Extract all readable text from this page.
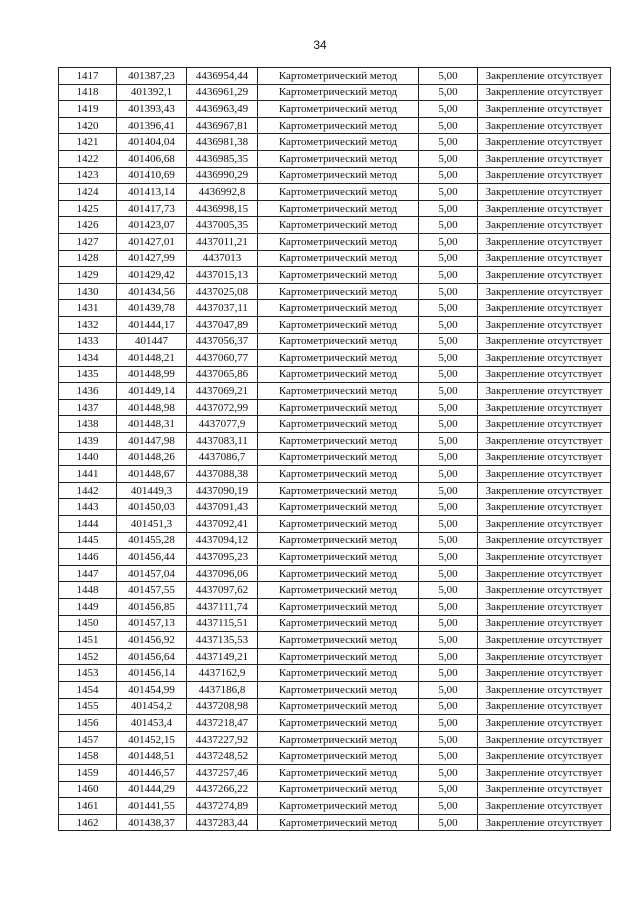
34
1417	401387,23	4436954,44	Картометрический метод	5,00	Закрепление отсутствует
1418	401392,1	4436961,29	Картометрический метод	5,00	Закрепление отсутствует
1419	401393,43	4436963,49	Картометрический метод	5,00	Закрепление отсутствует
1420	401396,41	4436967,81	Картометрический метод	5,00	Закрепление отсутствует
1421	401404,04	4436981,38	Картометрический метод	5,00	Закрепление отсутствует
1422	401406,68	4436985,35	Картометрический метод	5,00	Закрепление отсутствует
1423	401410,69	4436990,29	Картометрический метод	5,00	Закрепление отсутствует
1424	401413,14	4436992,8	Картометрический метод	5,00	Закрепление отсутствует
1425	401417,73	4436998,15	Картометрический метод	5,00	Закрепление отсутствует
1426	401423,07	4437005,35	Картометрический метод	5,00	Закрепление отсутствует
1427	401427,01	4437011,21	Картометрический метод	5,00	Закрепление отсутствует
1428	401427,99	4437013	Картометрический метод	5,00	Закрепление отсутствует
1429	401429,42	4437015,13	Картометрический метод	5,00	Закрепление отсутствует
1430	401434,56	4437025,08	Картометрический метод	5,00	Закрепление отсутствует
1431	401439,78	4437037,11	Картометрический метод	5,00	Закрепление отсутствует
1432	401444,17	4437047,89	Картометрический метод	5,00	Закрепление отсутствует
1433	401447	4437056,37	Картометрический метод	5,00	Закрепление отсутствует
1434	401448,21	4437060,77	Картометрический метод	5,00	Закрепление отсутствует
1435	401448,99	4437065,86	Картометрический метод	5,00	Закрепление отсутствует
1436	401449,14	4437069,21	Картометрический метод	5,00	Закрепление отсутствует
1437	401448,98	4437072,99	Картометрический метод	5,00	Закрепление отсутствует
1438	401448,31	4437077,9	Картометрический метод	5,00	Закрепление отсутствует
1439	401447,98	4437083,11	Картометрический метод	5,00	Закрепление отсутствует
1440	401448,26	4437086,7	Картометрический метод	5,00	Закрепление отсутствует
1441	401448,67	4437088,38	Картометрический метод	5,00	Закрепление отсутствует
1442	401449,3	4437090,19	Картометрический метод	5,00	Закрепление отсутствует
1443	401450,03	4437091,43	Картометрический метод	5,00	Закрепление отсутствует
1444	401451,3	4437092,41	Картометрический метод	5,00	Закрепление отсутствует
1445	401455,28	4437094,12	Картометрический метод	5,00	Закрепление отсутствует
1446	401456,44	4437095,23	Картометрический метод	5,00	Закрепление отсутствует
1447	401457,04	4437096,06	Картометрический метод	5,00	Закрепление отсутствует
1448	401457,55	4437097,62	Картометрический метод	5,00	Закрепление отсутствует
1449	401456,85	4437111,74	Картометрический метод	5,00	Закрепление отсутствует
1450	401457,13	4437115,51	Картометрический метод	5,00	Закрепление отсутствует
1451	401456,92	4437135,53	Картометрический метод	5,00	Закрепление отсутствует
1452	401456,64	4437149,21	Картометрический метод	5,00	Закрепление отсутствует
1453	401456,14	4437162,9	Картометрический метод	5,00	Закрепление отсутствует
1454	401454,99	4437186,8	Картометрический метод	5,00	Закрепление отсутствует
1455	401454,2	4437208,98	Картометрический метод	5,00	Закрепление отсутствует
1456	401453,4	4437218,47	Картометрический метод	5,00	Закрепление отсутствует
1457	401452,15	4437227,92	Картометрический метод	5,00	Закрепление отсутствует
1458	401448,51	4437248,52	Картометрический метод	5,00	Закрепление отсутствует
1459	401446,57	4437257,46	Картометрический метод	5,00	Закрепление отсутствует
1460	401444,29	4437266,22	Картометрический метод	5,00	Закрепление отсутствует
1461	401441,55	4437274,89	Картометрический метод	5,00	Закрепление отсутствует
1462	401438,37	4437283,44	Картометрический метод	5,00	Закрепление отсутствует
